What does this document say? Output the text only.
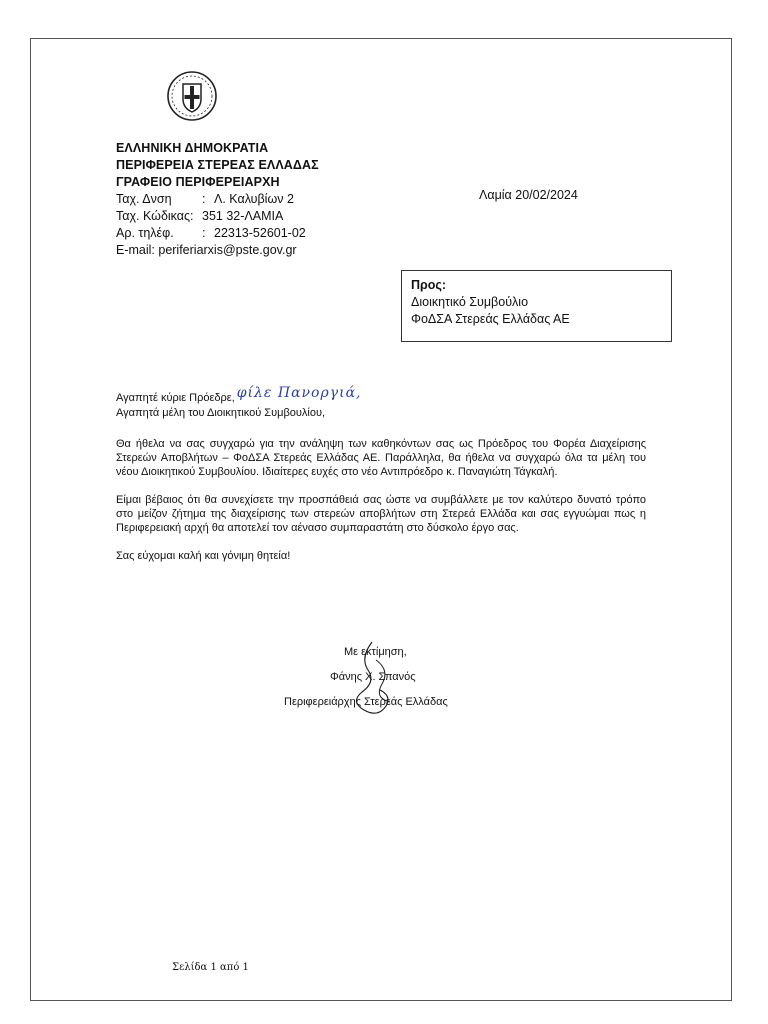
ΕΛΛΗΝΙΚΗ ΔΗΜΟΚΡΑΤΙΑ
ΠΕΡΙΦΕΡΕΙΑ ΣΤΕΡΕΑΣ ΕΛΛΑΔΑΣ
ΓΡΑΦΕΙΟ ΠΕΡΙΦΕΡΕΙΑΡΧΗ
Ταχ. Δνση	: Λ. Καλυβίων 2
Ταχ. Κώδικας: 351 32-ΛΑΜΙΑ
Αρ. τηλέφ.	: 22313-52601-02
E-mail: periferiarxis@pste.gov.gr
Λαμία 20/02/2024
Προς:
Διοικητικό Συμβούλιο
ΦοΔΣΑ Στερεάς Ελλάδας ΑΕ
Αγαπητέ κύριε Πρόεδρε, φίλε Πανοργιά,
Αγαπητά μέλη του Διοικητικού Συμβουλίου,

Θα ήθελα να σας συγχαρώ για την ανάληψη των καθηκόντων σας ως Πρόεδρος του Φορέα Διαχείρισης Στερεών Αποβλήτων – ΦοΔΣΑ Στερεάς Ελλάδας ΑΕ. Παράλληλα, θα ήθελα να συγχαρώ όλα τα μέλη του νέου Διοικητικού Συμβουλίου. Ιδιαίτερες ευχές στο νέο Αντιπρόεδρο κ. Παναγιώτη Τάγκαλή.

Είμαι βέβαιος ότι θα συνεχίσετε την προσπάθειά σας ώστε να συμβάλλετε με τον καλύτερο δυνατό τρόπο στο μείζον ζήτημα της διαχείρισης των στερεών αποβλήτων στη Στερεά Ελλάδα και σας εγγυώμαι πως η Περιφερειακή αρχή θα αποτελεί τον αένασο συμπαραστάτη στο δύσκολο έργο σας.

Σας εύχομαι καλή και γόνιμη θητεία!

Με εκτίμηση,
Φάνης Χ. Σπανός
Περιφερειάρχης Στερεάς Ελλάδας
Σελίδα 1 από 1
